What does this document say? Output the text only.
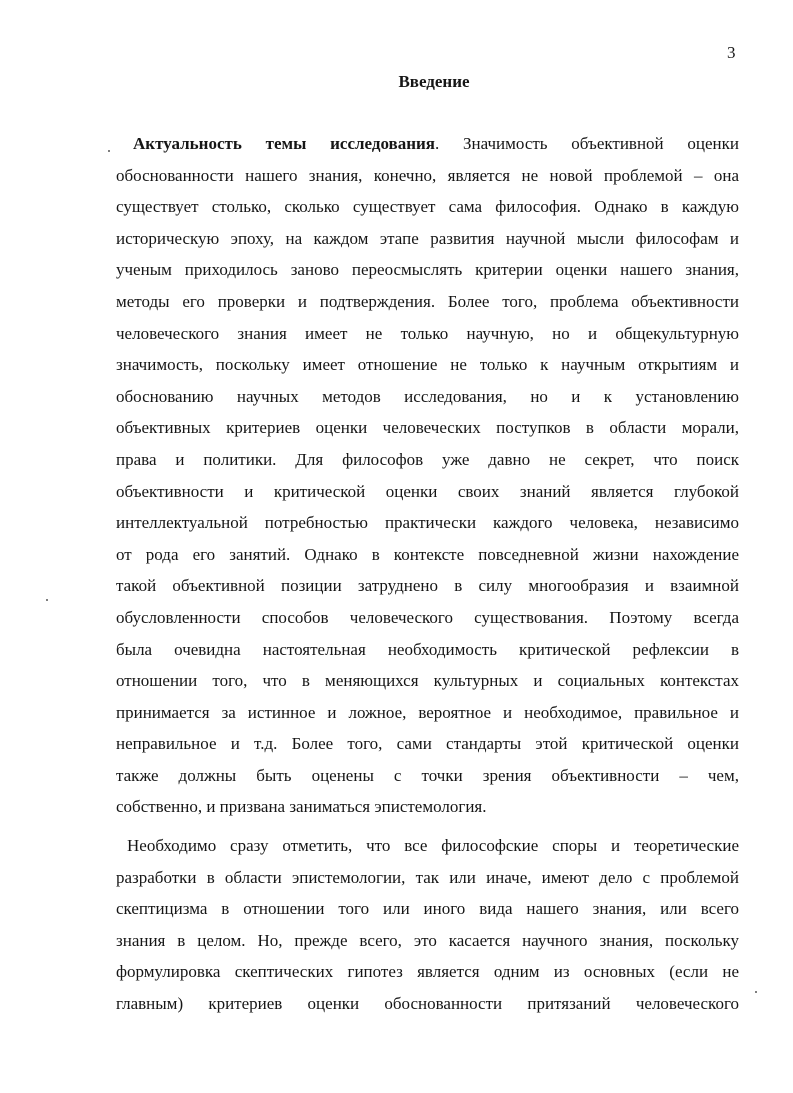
3
Введение
Актуальность темы исследования. Значимость объективной оценки
обоснованности нашего знания, конечно, является не новой проблемой – она
существует столько, сколько существует сама философия. Однако в каждую
историческую эпоху, на каждом этапе развития научной мысли философам и
ученым приходилось заново переосмыслять критерии оценки нашего знания,
методы его проверки и подтверждения. Более того, проблема объективности
человеческого знания имеет не только научную, но и общекультурную
значимость, поскольку имеет отношение не только к научным открытиям и
обоснованию научных методов исследования, но и к установлению
объективных критериев оценки человеческих поступков в области морали,
права и политики. Для философов уже давно не секрет, что поиск
объективности и критической оценки своих знаний является глубокой
интеллектуальной потребностью практически каждого человека, независимо
от рода его занятий. Однако в контексте повседневной жизни нахождение
такой объективной позиции затруднено в силу многообразия и взаимной
обусловленности способов человеческого существования. Поэтому всегда
была очевидна настоятельная необходимость критической рефлексии в
отношении того, что в меняющихся культурных и социальных контекстах
принимается за истинное и ложное, вероятное и необходимое, правильное и
неправильное и т.д. Более того, сами стандарты этой критической оценки
также должны быть оценены с точки зрения объективности – чем,
собственно, и призвана заниматься эпистемология.
Необходимо сразу отметить, что все философские споры и теоретические
разработки в области эпистемологии, так или иначе, имеют дело с проблемой
скептицизма в отношении того или иного вида нашего знания, или всего
знания в целом. Но, прежде всего, это касается научного знания, поскольку
формулировка скептических гипотез является одним из основных (если не
главным) критериев оценки обоснованности притязаний человеческого
